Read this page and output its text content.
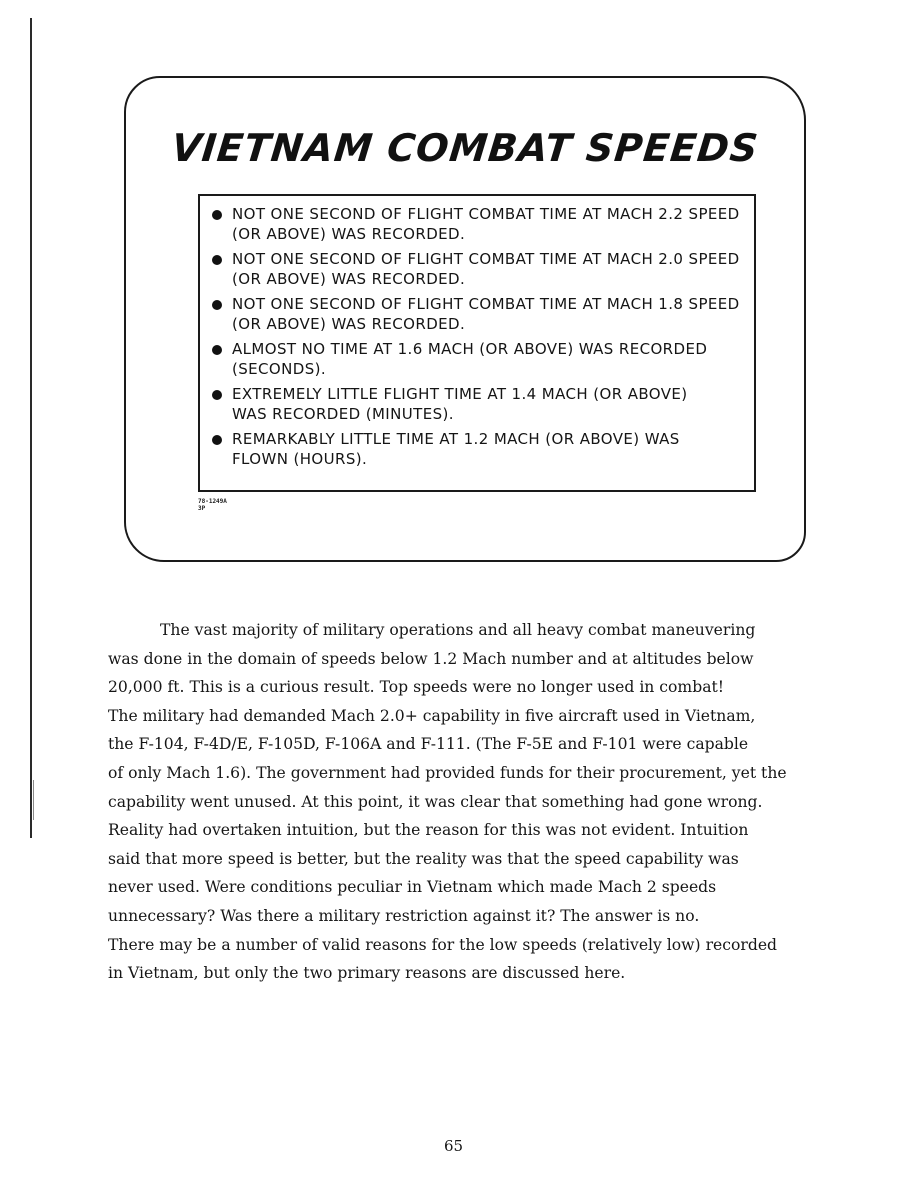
VIETNAM COMBAT SPEEDS
NOT ONE SECOND OF FLIGHT COMBAT TIME AT MACH 2.2 SPEED
(OR ABOVE) WAS RECORDED.
NOT ONE SECOND OF FLIGHT COMBAT TIME AT MACH 2.0 SPEED
(OR ABOVE) WAS RECORDED.
NOT ONE SECOND OF FLIGHT COMBAT TIME AT MACH 1.8 SPEED
(OR ABOVE) WAS RECORDED.
ALMOST NO TIME AT 1.6 MACH (OR ABOVE) WAS RECORDED
(SECONDS).
EXTREMELY LITTLE FLIGHT TIME AT 1.4 MACH (OR ABOVE)
WAS RECORDED (MINUTES).
REMARKABLY LITTLE TIME AT 1.2 MACH (OR ABOVE) WAS
FLOWN (HOURS).
78-1249A
3P

The vast majority of military operations and all heavy combat maneuvering
was done in the domain of speeds below 1.2 Mach number and at altitudes below
20,000 ft. This is a curious result. Top speeds were no longer used in combat!
The military had demanded Mach 2.0+ capability in five aircraft used in Vietnam,
the F-104, F-4D/E, F-105D, F-106A and F-111. (The F-5E and F-101 were capable
of only Mach 1.6). The government had provided funds for their procurement, yet the
capability went unused. At this point, it was clear that something had gone wrong.
Reality had overtaken intuition, but the reason for this was not evident. Intuition
said that more speed is better, but the reality was that the speed capability was
never used. Were conditions peculiar in Vietnam which made Mach 2 speeds
unnecessary? Was there a military restriction against it? The answer is no.
There may be a number of valid reasons for the low speeds (relatively low) recorded
in Vietnam, but only the two primary reasons are discussed here.

65
